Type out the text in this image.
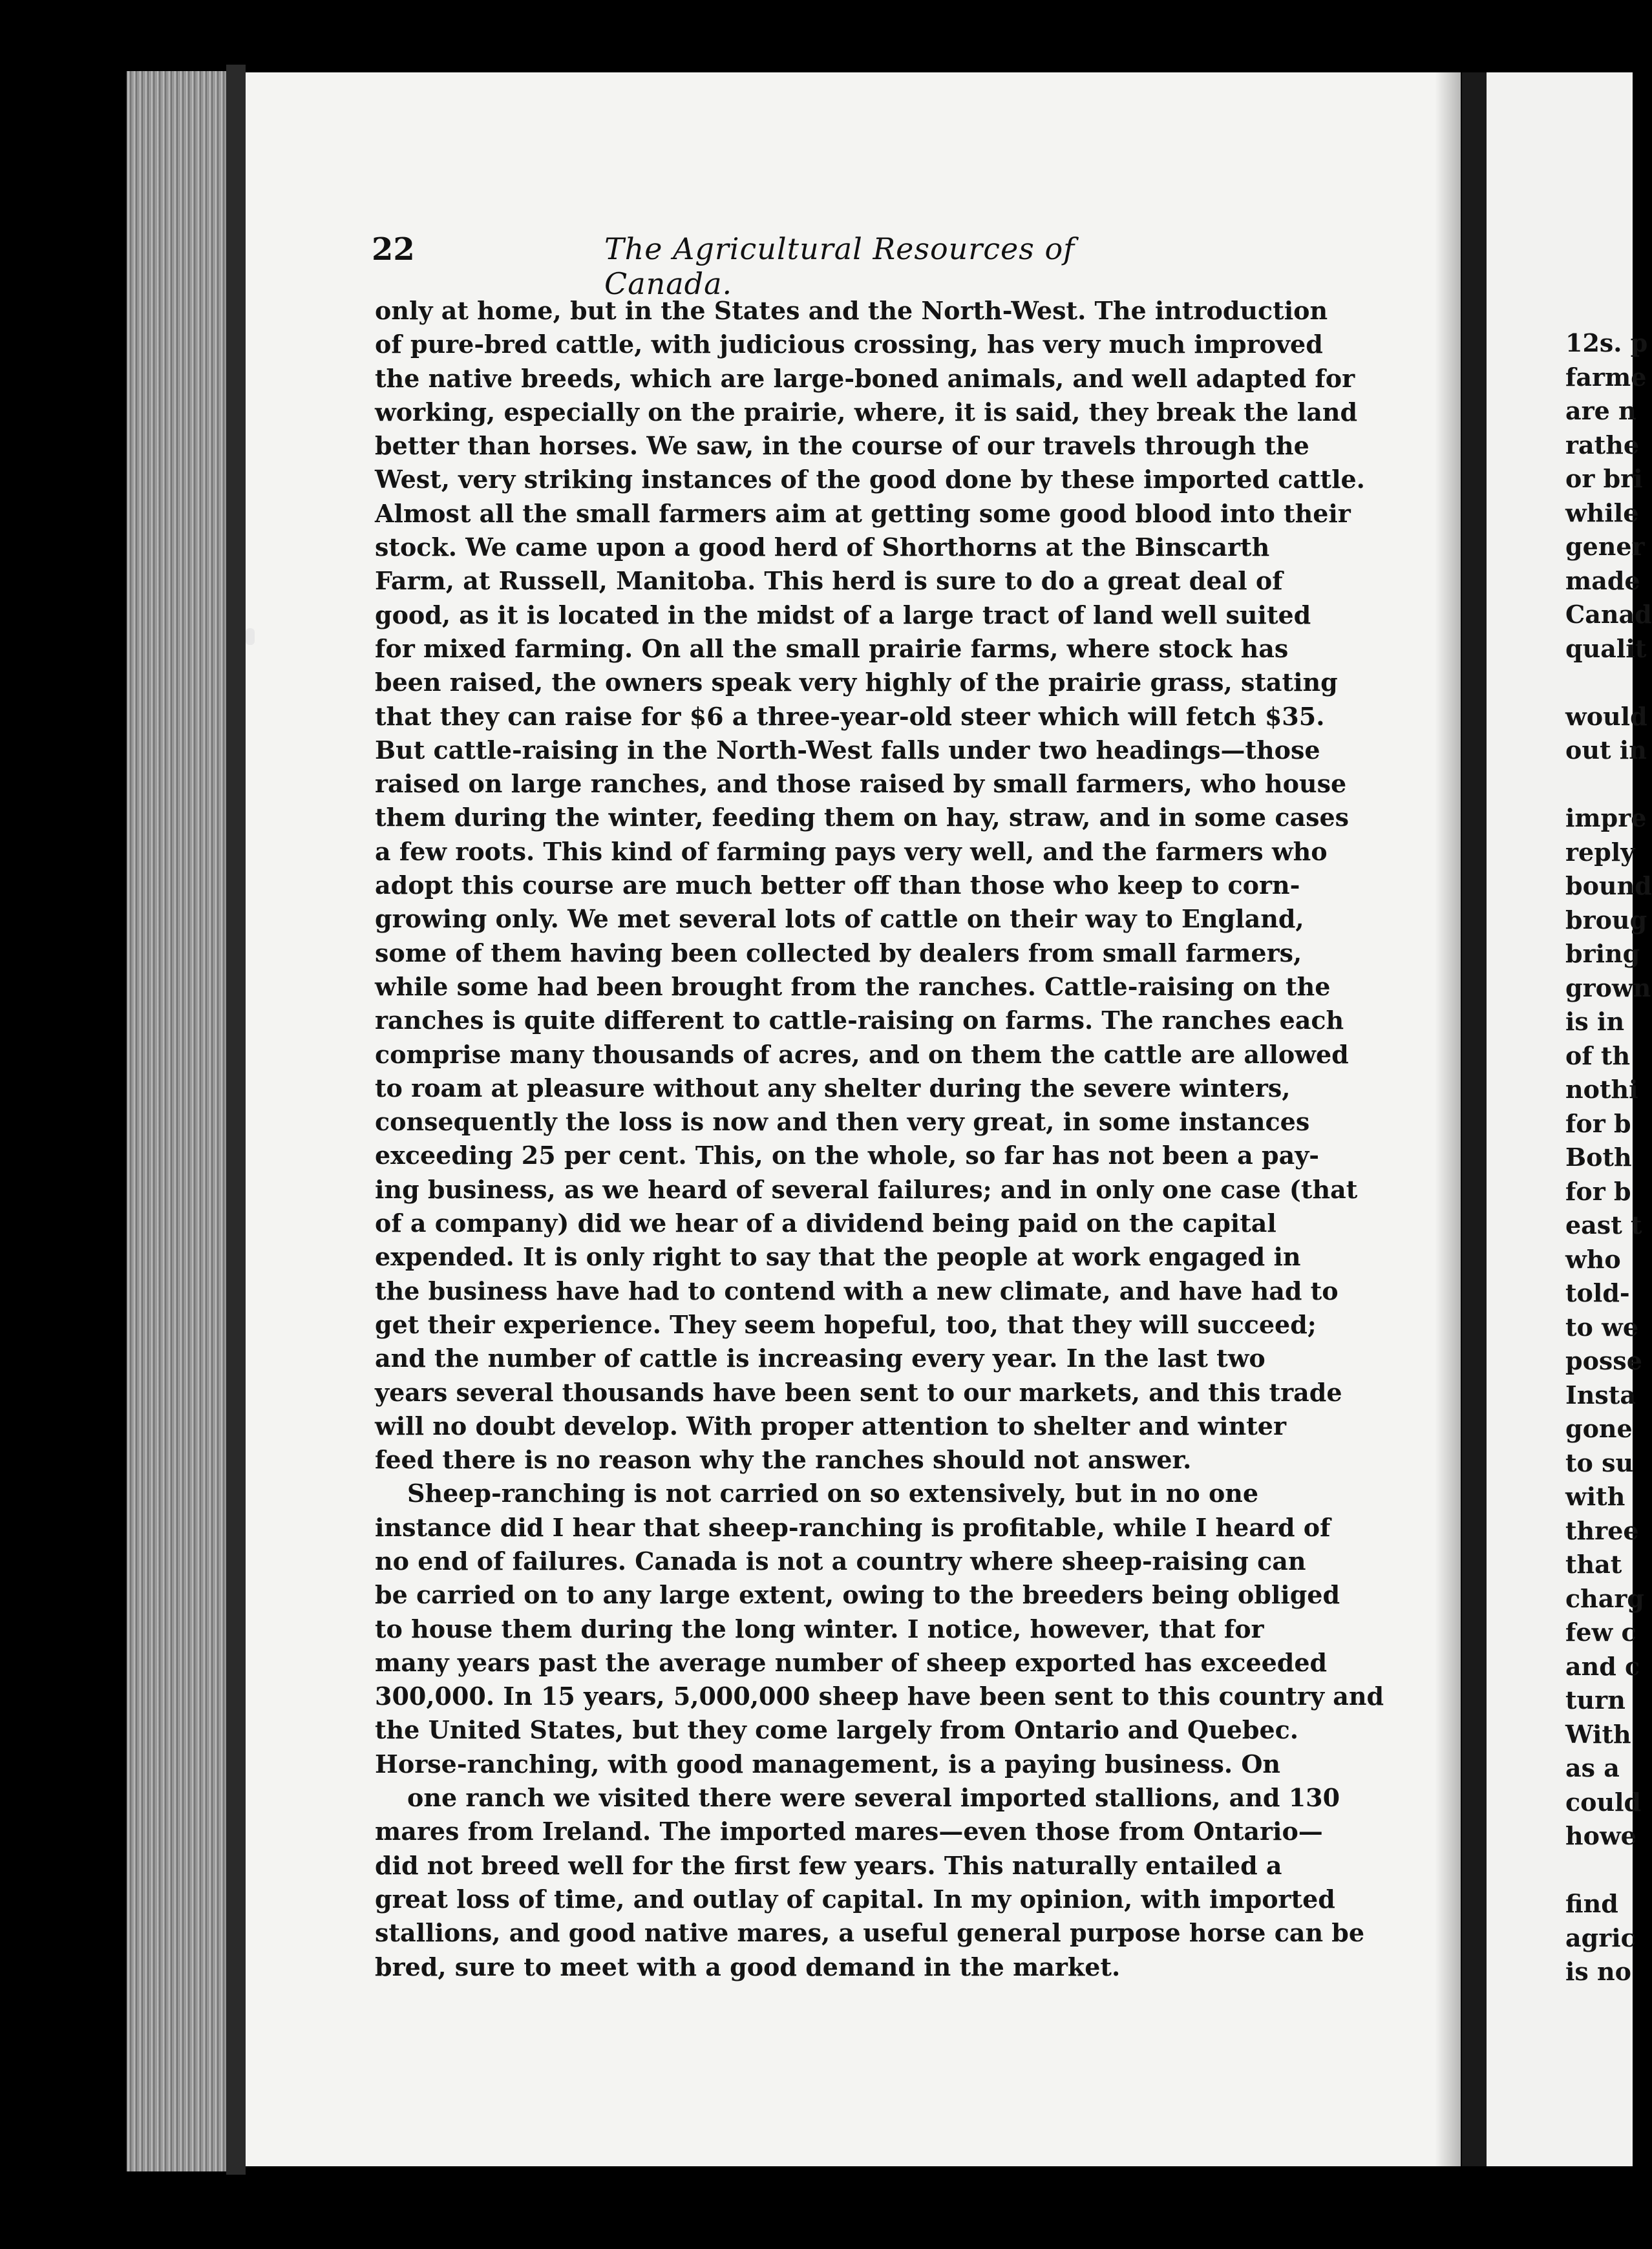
22	The Agricultural Resources of Canada.
only at home, but in the States and the North-West. The introduction
of pure-bred cattle, with judicious crossing, has very much improved
the native breeds, which are large-boned animals, and well adapted for
working, especially on the prairie, where, it is said, they break the land
better than horses. We saw, in the course of our travels through the
West, very striking instances of the good done by these imported cattle.
Almost all the small farmers aim at getting some good blood into their
stock. We came upon a good herd of Shorthorns at the Binscarth
Farm, at Russell, Manitoba. This herd is sure to do a great deal of
good, as it is located in the midst of a large tract of land well suited
for mixed farming. On all the small prairie farms, where stock has
been raised, the owners speak very highly of the prairie grass, stating
that they can raise for $6 a three-year-old steer which will fetch $35.
But cattle-raising in the North-West falls under two headings—those
raised on large ranches, and those raised by small farmers, who house
them during the winter, feeding them on hay, straw, and in some cases
a few roots. This kind of farming pays very well, and the farmers who
adopt this course are much better off than those who keep to corn-
growing only. We met several lots of cattle on their way to England,
some of them having been collected by dealers from small farmers,
while some had been brought from the ranches. Cattle-raising on the
ranches is quite different to cattle-raising on farms. The ranches each
comprise many thousands of acres, and on them the cattle are allowed
to roam at pleasure without any shelter during the severe winters,
consequently the loss is now and then very great, in some instances
exceeding 25 per cent. This, on the whole, so far has not been a pay-
ing business, as we heard of several failures; and in only one case (that
of a company) did we hear of a dividend being paid on the capital
expended. It is only right to say that the people at work engaged in
the business have had to contend with a new climate, and have had to
get their experience. They seem hopeful, too, that they will succeed;
and the number of cattle is increasing every year. In the last two
years several thousands have been sent to our markets, and this trade
will no doubt develop. With proper attention to shelter and winter
feed there is no reason why the ranches should not answer.
Sheep-ranching is not carried on so extensively, but in no one
instance did I hear that sheep-ranching is profitable, while I heard of
no end of failures. Canada is not a country where sheep-raising can
be carried on to any large extent, owing to the breeders being obliged
to house them during the long winter. I notice, however, that for
many years past the average number of sheep exported has exceeded
300,000. In 15 years, 5,000,000 sheep have been sent to this country and
the United States, but they come largely from Ontario and Quebec.
Horse-ranching, with good management, is a paying business. On
one ranch we visited there were several imported stallions, and 130
mares from Ireland. The imported mares—even those from Ontario—
did not breed well for the first few years. This naturally entailed a
great loss of time, and outlay of capital. In my opinion, with imported
stallions, and good native mares, a useful general purpose horse can be
bred, sure to meet with a good demand in the market.
12s. p
farme
are n
rathe
or bri
while
gener
made
Canad
qualit
would
out in
impre
reply
bound
broug
bring
grown
is in
of th
nothi
for b
Both
for b
east t
who
told-
to we
posse
Insta
gone
to su
with
three
that
charg
few c
and c
turn
With
as a
could
howe
find
agric
is no
